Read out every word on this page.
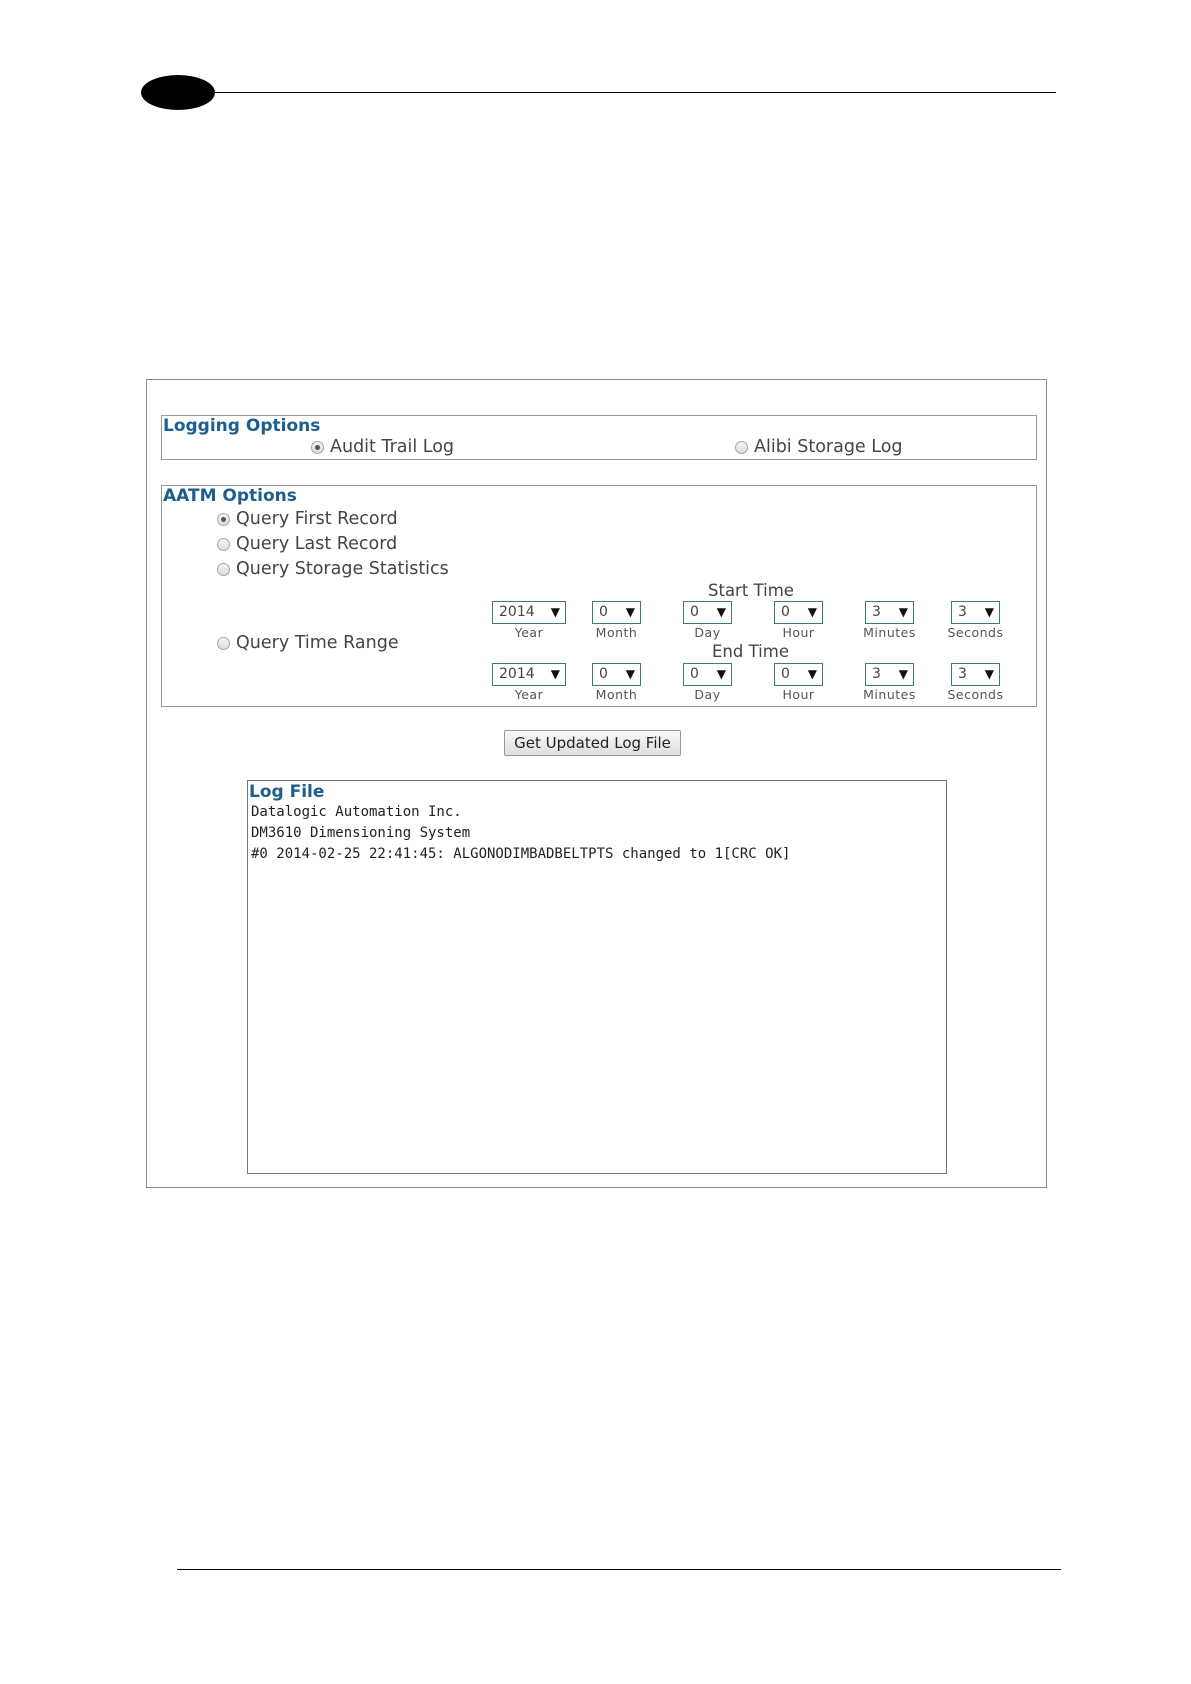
Logging Options
Audit Trail Log	Alibi Storage Log
AATM Options
Query First Record
Query Last Record
Query Storage Statistics
Query Time Range
Start Time
2014 ▼
Year
0 ▼
Month
0 ▼
Day
0 ▼
Hour
3 ▼
Minutes
3 ▼
Seconds
End Time
2014 ▼
Year
0 ▼
Month
0 ▼
Day
0 ▼
Hour
3 ▼
Minutes
3 ▼
Seconds
Get Updated Log File
Log File
Datalogic Automation Inc.
DM3610 Dimensioning System
#0 2014-02-25 22:41:45: ALGONODIMBADBELTPTS changed to 1[CRC OK]
